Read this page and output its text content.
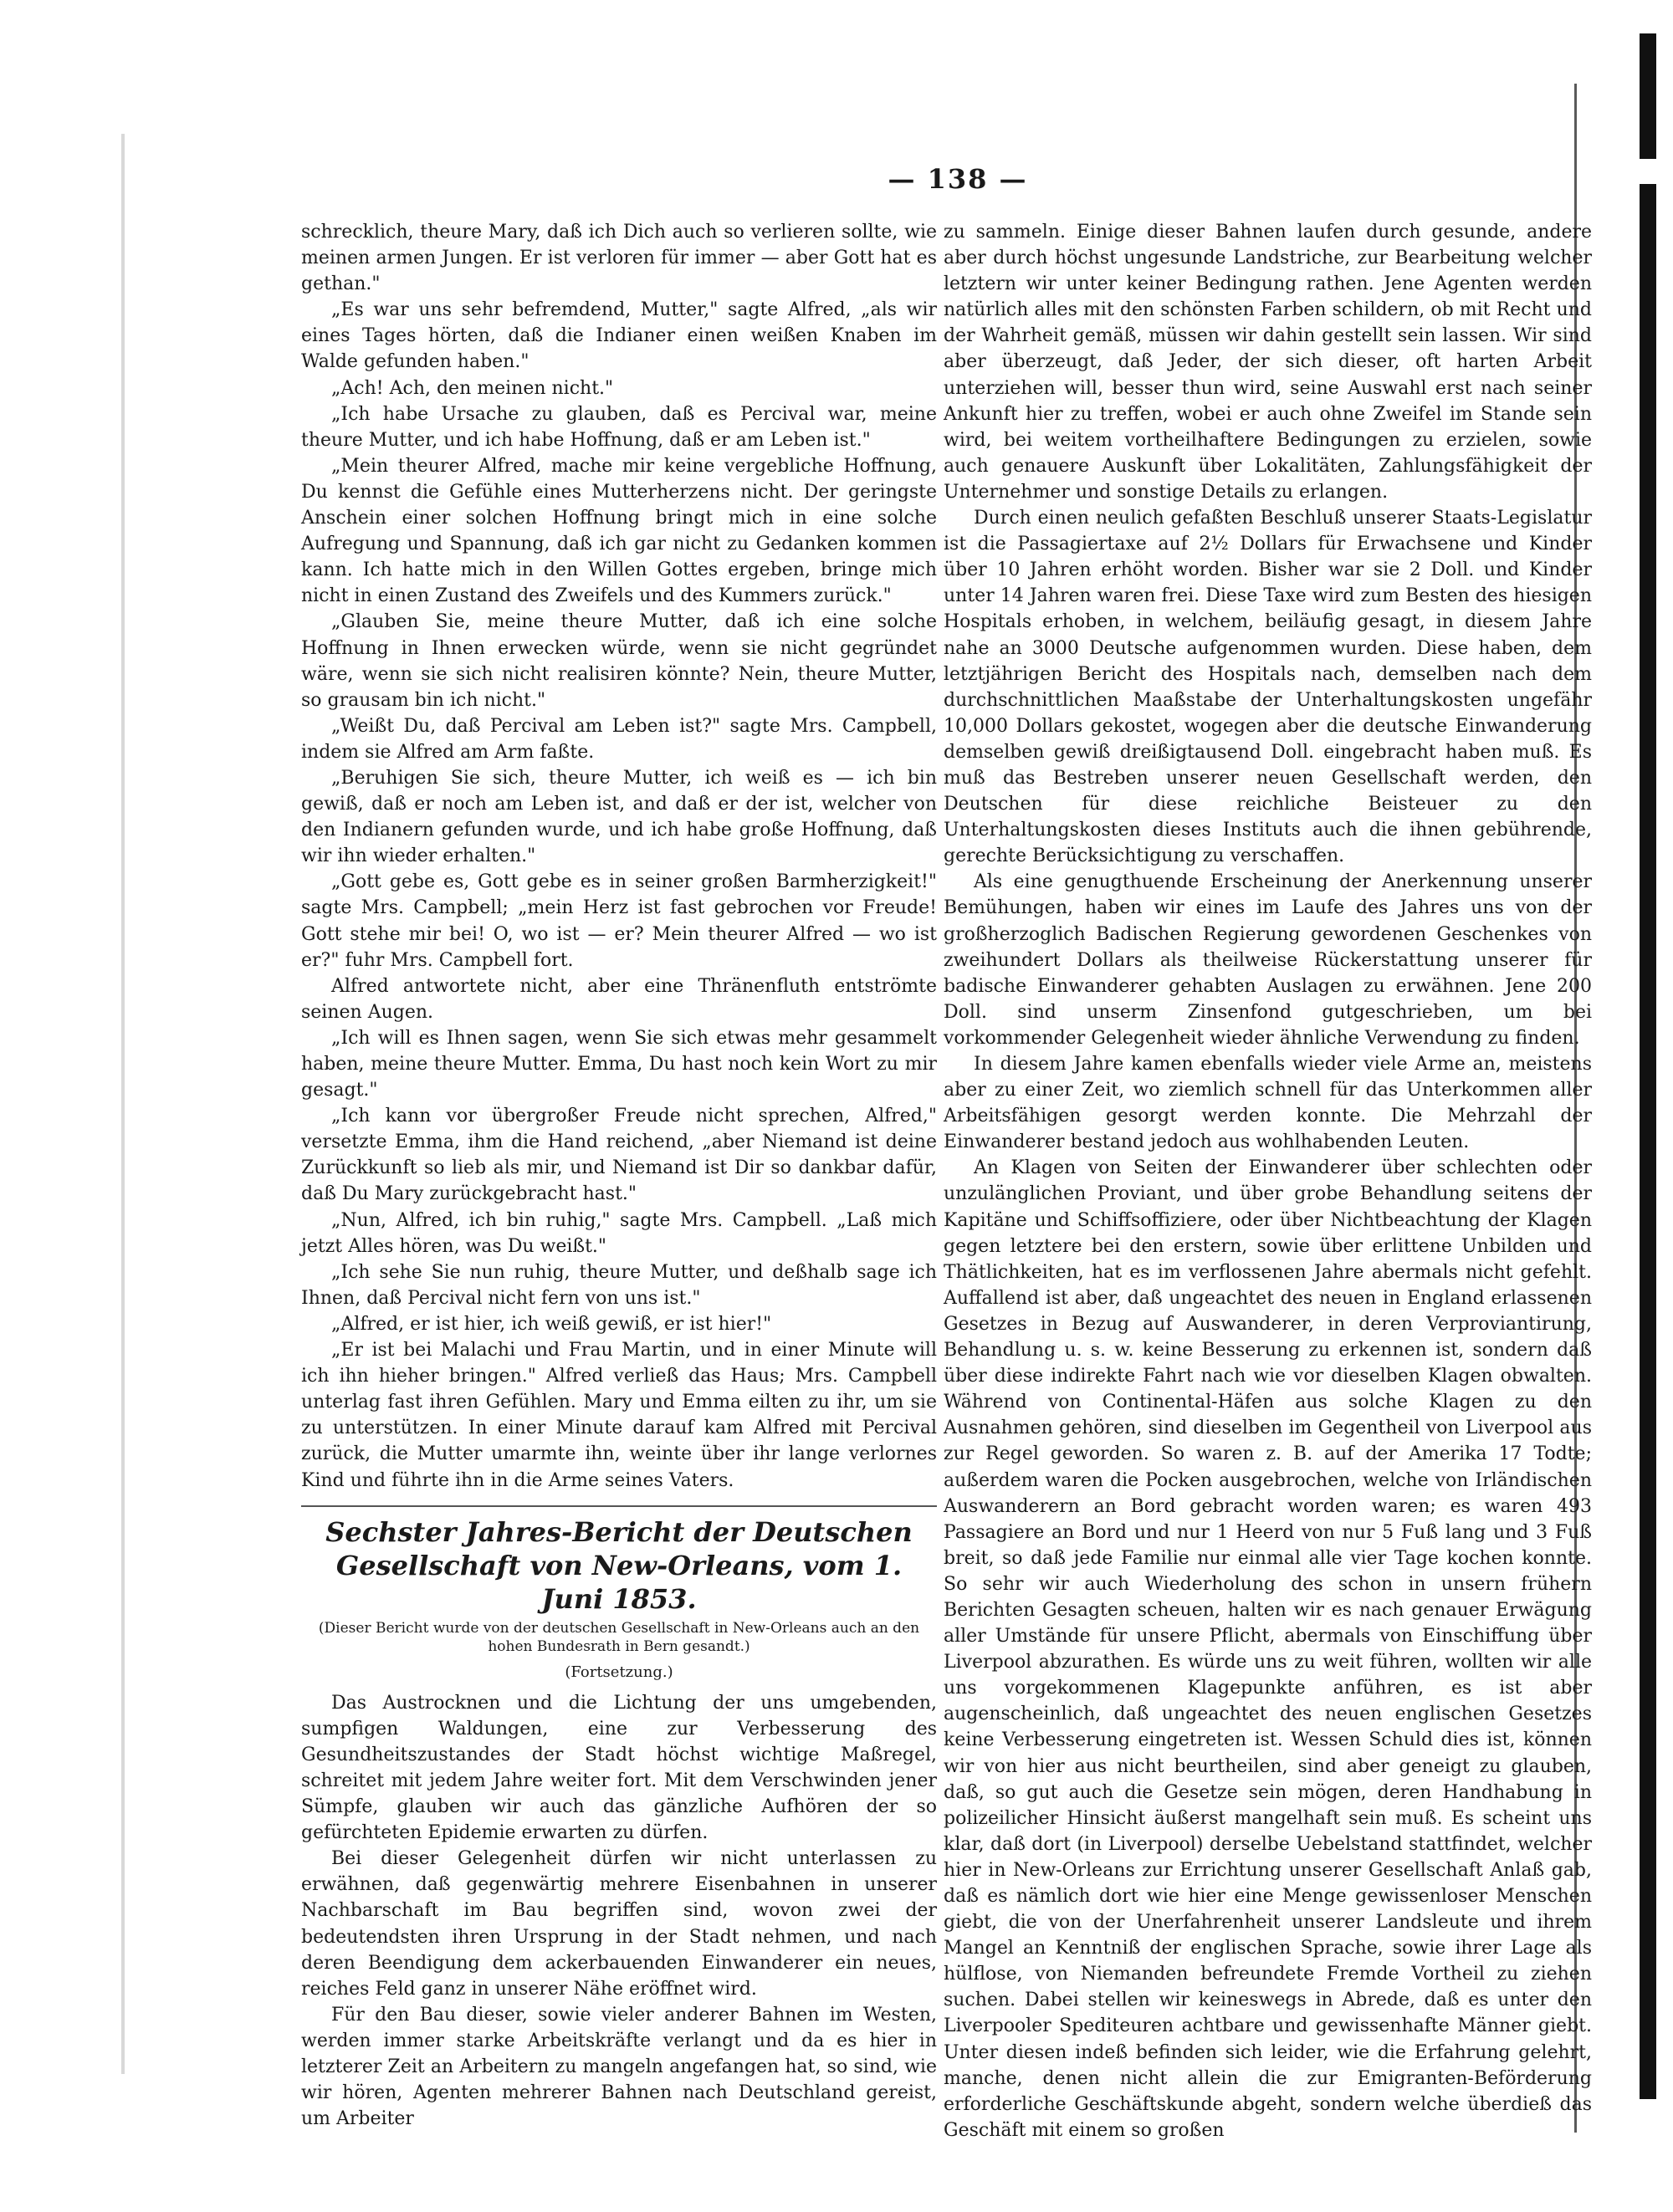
— 138 —

schrecklich, theure Mary, daß ich Dich auch so verlieren sollte, wie meinen armen Jungen. Er ist verloren für immer — aber Gott hat es gethan."

„Es war uns sehr befremdend, Mutter," sagte Alfred, „als wir eines Tages hörten, daß die Indianer einen weißen Knaben im Walde gefunden haben."

„Ach! Ach, den meinen nicht."

„Ich habe Ursache zu glauben, daß es Percival war, meine theure Mutter, und ich habe Hoffnung, daß er am Leben ist."

„Mein theurer Alfred, mache mir keine vergebliche Hoffnung, Du kennst die Gefühle eines Mutterherzens nicht. Der geringste Anschein einer solchen Hoffnung bringt mich in eine solche Aufregung und Spannung, daß ich gar nicht zu Gedanken kommen kann. Ich hatte mich in den Willen Gottes ergeben, bringe mich nicht in einen Zustand des Zweifels und des Kummers zurück."

„Glauben Sie, meine theure Mutter, daß ich eine solche Hoffnung in Ihnen erwecken würde, wenn sie nicht gegründet wäre, wenn sie sich nicht realisiren könnte? Nein, theure Mutter, so grausam bin ich nicht."

„Weißt Du, daß Percival am Leben ist?" sagte Mrs. Campbell, indem sie Alfred am Arm faßte.

„Beruhigen Sie sich, theure Mutter, ich weiß es — ich bin gewiß, daß er noch am Leben ist, and daß er der ist, welcher von den Indianern gefunden wurde, und ich habe große Hoffnung, daß wir ihn wieder erhalten."

„Gott gebe es, Gott gebe es in seiner großen Barmherzigkeit!" sagte Mrs. Campbell; „mein Herz ist fast gebrochen vor Freude! Gott stehe mir bei! O, wo ist — er? Mein theurer Alfred — wo ist er?" fuhr Mrs. Campbell fort.

Alfred antwortete nicht, aber eine Thränenfluth entströmte seinen Augen.

„Ich will es Ihnen sagen, wenn Sie sich etwas mehr gesammelt haben, meine theure Mutter. Emma, Du hast noch kein Wort zu mir gesagt."

„Ich kann vor übergroßer Freude nicht sprechen, Alfred," versetzte Emma, ihm die Hand reichend, „aber Niemand ist deine Zurückkunft so lieb als mir, und Niemand ist Dir so dankbar dafür, daß Du Mary zurückgebracht hast."

„Nun, Alfred, ich bin ruhig," sagte Mrs. Campbell. „Laß mich jetzt Alles hören, was Du weißt."

„Ich sehe Sie nun ruhig, theure Mutter, und deßhalb sage ich Ihnen, daß Percival nicht fern von uns ist."

„Alfred, er ist hier, ich weiß gewiß, er ist hier!"

„Er ist bei Malachi und Frau Martin, und in einer Minute will ich ihn hieher bringen." Alfred verließ das Haus; Mrs. Campbell unterlag fast ihren Gefühlen. Mary und Emma eilten zu ihr, um sie zu unterstützen. In einer Minute darauf kam Alfred mit Percival zurück, die Mutter umarmte ihn, weinte über ihr lange verlornes Kind und führte ihn in die Arme seines Vaters.

Sechster Jahres-Bericht der Deutschen Gesellschaft von New-Orleans, vom 1. Juni 1853.
(Dieser Bericht wurde von der deutschen Gesellschaft in New-Orleans auch an den hohen Bundesrath in Bern gesandt.)
(Fortsetzung.)

Das Austrocknen und die Lichtung der uns umgebenden, sumpfigen Waldungen, eine zur Verbesserung des Gesundheitszustandes der Stadt höchst wichtige Maßregel, schreitet mit jedem Jahre weiter fort. Mit dem Verschwinden jener Sümpfe, glauben wir auch das gänzliche Aufhören der so gefürchteten Epidemie erwarten zu dürfen.

Bei dieser Gelegenheit dürfen wir nicht unterlassen zu erwähnen, daß gegenwärtig mehrere Eisenbahnen in unserer Nachbarschaft im Bau begriffen sind, wovon zwei der bedeutendsten ihren Ursprung in der Stadt nehmen, und nach deren Beendigung dem ackerbauenden Einwanderer ein neues, reiches Feld ganz in unserer Nähe eröffnet wird.

Für den Bau dieser, sowie vieler anderer Bahnen im Westen, werden immer starke Arbeitskräfte verlangt und da es hier in letzterer Zeit an Arbeitern zu mangeln angefangen hat, so sind, wie wir hören, Agenten mehrerer Bahnen nach Deutschland gereist, um Arbeiter

zu sammeln. Einige dieser Bahnen laufen durch gesunde, andere aber durch höchst ungesunde Landstriche, zur Bearbeitung welcher letztern wir unter keiner Bedingung rathen. Jene Agenten werden natürlich alles mit den schönsten Farben schildern, ob mit Recht und der Wahrheit gemäß, müssen wir dahin gestellt sein lassen. Wir sind aber überzeugt, daß Jeder, der sich dieser, oft harten Arbeit unterziehen will, besser thun wird, seine Auswahl erst nach seiner Ankunft hier zu treffen, wobei er auch ohne Zweifel im Stande sein wird, bei weitem vortheilhaftere Bedingungen zu erzielen, sowie auch genauere Auskunft über Lokalitäten, Zahlungsfähigkeit der Unternehmer und sonstige Details zu erlangen.

Durch einen neulich gefaßten Beschluß unserer Staats-Legislatur ist die Passagiertaxe auf 2½ Dollars für Erwachsene und Kinder über 10 Jahren erhöht worden. Bisher war sie 2 Doll. und Kinder unter 14 Jahren waren frei. Diese Taxe wird zum Besten des hiesigen Hospitals erhoben, in welchem, beiläufig gesagt, in diesem Jahre nahe an 3000 Deutsche aufgenommen wurden. Diese haben, dem letztjährigen Bericht des Hospitals nach, demselben nach dem durchschnittlichen Maaßstabe der Unterhaltungskosten ungefähr 10,000 Dollars gekostet, wogegen aber die deutsche Einwanderung demselben gewiß dreißigtausend Doll. eingebracht haben muß. Es muß das Bestreben unserer neuen Gesellschaft werden, den Deutschen für diese reichliche Beisteuer zu den Unterhaltungskosten dieses Instituts auch die ihnen gebührende, gerechte Berücksichtigung zu verschaffen.

Als eine genugthuende Erscheinung der Anerkennung unserer Bemühungen, haben wir eines im Laufe des Jahres uns von der großherzoglich Badischen Regierung gewordenen Geschenkes von zweihundert Dollars als theilweise Rückerstattung unserer für badische Einwanderer gehabten Auslagen zu erwähnen. Jene 200 Doll. sind unserm Zinsenfond gutgeschrieben, um bei vorkommender Gelegenheit wieder ähnliche Verwendung zu finden.

In diesem Jahre kamen ebenfalls wieder viele Arme an, meistens aber zu einer Zeit, wo ziemlich schnell für das Unterkommen aller Arbeitsfähigen gesorgt werden konnte. Die Mehrzahl der Einwanderer bestand jedoch aus wohlhabenden Leuten.

An Klagen von Seiten der Einwanderer über schlechten oder unzulänglichen Proviant, und über grobe Behandlung seitens der Kapitäne und Schiffsoffiziere, oder über Nichtbeachtung der Klagen gegen letztere bei den erstern, sowie über erlittene Unbilden und Thätlichkeiten, hat es im verflossenen Jahre abermals nicht gefehlt. Auffallend ist aber, daß ungeachtet des neuen in England erlassenen Gesetzes in Bezug auf Auswanderer, in deren Verproviantirung, Behandlung u. s. w. keine Besserung zu erkennen ist, sondern daß über diese indirekte Fahrt nach wie vor dieselben Klagen obwalten. Während von Continental-Häfen aus solche Klagen zu den Ausnahmen gehören, sind dieselben im Gegentheil von Liverpool aus zur Regel geworden. So waren z. B. auf der Amerika 17 Todte; außerdem waren die Pocken ausgebrochen, welche von Irländischen Auswanderern an Bord gebracht worden waren; es waren 493 Passagiere an Bord und nur 1 Heerd von nur 5 Fuß lang und 3 Fuß breit, so daß jede Familie nur einmal alle vier Tage kochen konnte. So sehr wir auch Wiederholung des schon in unsern frühern Berichten Gesagten scheuen, halten wir es nach genauer Erwägung aller Umstände für unsere Pflicht, abermals von Einschiffung über Liverpool abzurathen. Es würde uns zu weit führen, wollten wir alle uns vorgekommenen Klagepunkte anführen, es ist aber augenscheinlich, daß ungeachtet des neuen englischen Gesetzes keine Verbesserung eingetreten ist. Wessen Schuld dies ist, können wir von hier aus nicht beurtheilen, sind aber geneigt zu glauben, daß, so gut auch die Gesetze sein mögen, deren Handhabung in polizeilicher Hinsicht äußerst mangelhaft sein muß. Es scheint uns klar, daß dort (in Liverpool) derselbe Uebelstand stattfindet, welcher hier in New-Orleans zur Errichtung unserer Gesellschaft Anlaß gab, daß es nämlich dort wie hier eine Menge gewissenloser Menschen giebt, die von der Unerfahrenheit unserer Landsleute und ihrem Mangel an Kenntniß der englischen Sprache, sowie ihrer Lage als hülflose, von Niemanden befreundete Fremde Vortheil zu ziehen suchen. Dabei stellen wir keineswegs in Abrede, daß es unter den Liverpooler Spediteuren achtbare und gewissenhafte Männer giebt. Unter diesen indeß befinden sich leider, wie die Erfahrung gelehrt, manche, denen nicht allein die zur Emigranten-Beförderung erforderliche Geschäftskunde abgeht, sondern welche überdieß das Geschäft mit einem so großen
